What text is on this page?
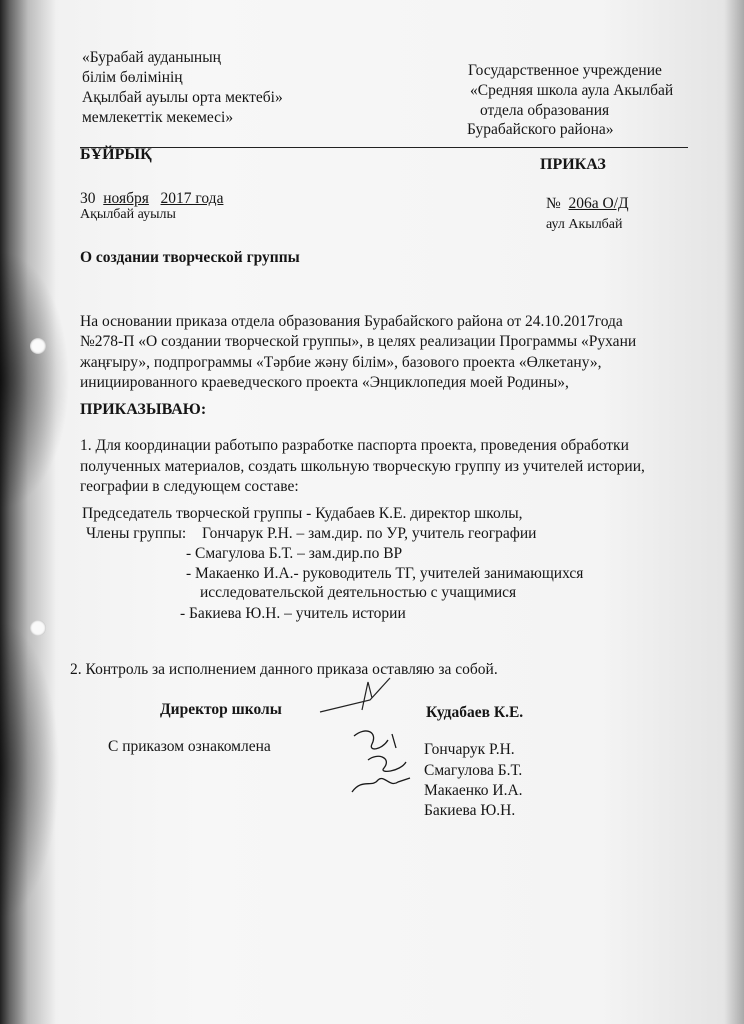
«Бурабай ауданының
білім бөлімінің
Ақылбай ауылы орта мектебі»
мемлекеттік мекемесі»
Государственное учреждение
«Средняя школа аула Акылбай
отдела образования
Бурабайского района»
БҰЙРЫҚ
ПРИКАЗ
30 ноября 2017 года
Ақылбай ауылы
№ 206а О/Д
аул Акылбай
О создании творческой группы
На основании приказа отдела образования Бурабайского района от 24.10.2017года
№278-П «О создании творческой группы», в целях реализации Программы «Рухани
жаңғыру», подпрограммы «Тәрбие жәну білім», базового проекта «Өлкетану»,
инициированного краеведческого проекта «Энциклопедия моей Родины»,
ПРИКАЗЫВАЮ:
1. Для координации работыпо разработке паспорта проекта, проведения обработки
полученных материалов, создать школьную творческую группу из учителей истории,
географии в следующем составе:
Председатель творческой группы - Кудабаев К.Е. директор школы,
Члены группы: Гончарук Р.Н. – зам.дир. по УР, учитель географии
- Смагулова Б.Т. – зам.дир.по ВР
- Макаенко И.А.- руководитель ТГ, учителей занимающихся
исследовательской деятельностью с учащимися
- Бакиева Ю.Н. – учитель истории
2. Контроль за исполнением данного приказа оставляю за собой.
Директор школы	Кудабаев К.Е.
С приказом ознакомлена	Гончарук Р.Н.
Смагулова Б.Т.
Макаенко И.А.
Бакиева Ю.Н.
